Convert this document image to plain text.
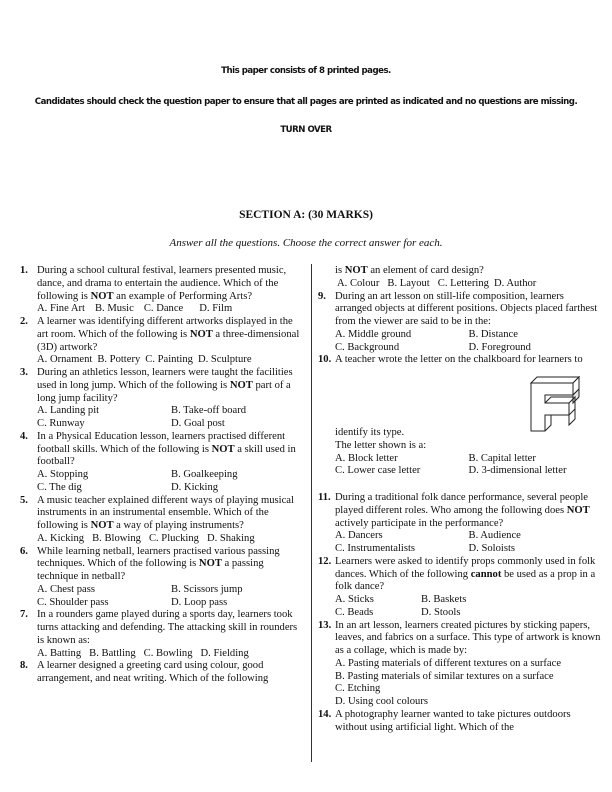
This paper consists of 8 printed pages.
Candidates should check the question paper to ensure that all pages are printed as indicated and no questions are missing.
TURN OVER
SECTION A: (30 MARKS)
Answer all the questions. Choose the correct answer for each.
1. During a school cultural festival, learners presented music, dance, and drama to entertain the audience. Which of the following is NOT an example of Performing Arts?
A. Fine Art B. Music C. Dance D. Film
2. A learner was identifying different artworks displayed in the art room. Which of the following is NOT a three-dimensional (3D) artwork?
A. Ornament B. Pottery C. Painting D. Sculpture
3. During an athletics lesson, learners were taught the facilities used in long jump. Which of the following is NOT part of a long jump facility?
A. Landing pit	B. Take-off board
C. Runway	D. Goal post
4. In a Physical Education lesson, learners practised different football skills. Which of the following is NOT a skill used in football?
A. Stopping	B. Goalkeeping
C. The dig	D. Kicking
5. A music teacher explained different ways of playing musical instruments in an instrumental ensemble. Which of the following is NOT a way of playing instruments?
A. Kicking B. Blowing C. Plucking D. Shaking
6. While learning netball, learners practised various passing techniques. Which of the following is NOT a passing technique in netball?
A. Chest pass	B. Scissors jump
C. Shoulder pass	D. Loop pass
7. In a rounders game played during a sports day, learners took turns attacking and defending. The attacking skill in rounders is known as:
A. Batting B. Battling C. Bowling D. Fielding
8. A learner designed a greeting card using colour, good arrangement, and neat writing. Which of the following
is NOT an element of card design?
A. Colour B. Layout C. Lettering D. Author
9. During an art lesson on still-life composition, learners arranged objects at different positions. Objects placed farthest from the viewer are said to be in the:
A. Middle ground	B. Distance
C. Background	D. Foreground
10. A teacher wrote the letter on the chalkboard for learners to identify its type.
The letter shown is a:
A. Block letter	B. Capital letter
C. Lower case letter	D. 3-dimensional letter
11. During a traditional folk dance performance, several people played different roles. Who among the following does NOT actively participate in the performance?
A. Dancers	B. Audience
C. Instrumentalists	D. Soloists
12. Learners were asked to identify props commonly used in folk dances. Which of the following cannot be used as a prop in a folk dance?
A. Sticks	B. Baskets
C. Beads	D. Stools
13. In an art lesson, learners created pictures by sticking papers, leaves, and fabrics on a surface. This type of artwork is known as a collage, which is made by:
A. Pasting materials of different textures on a surface
B. Pasting materials of similar textures on a surface
C. Etching
D. Using cool colours
14. A photography learner wanted to take pictures outdoors without using artificial light. Which of the
